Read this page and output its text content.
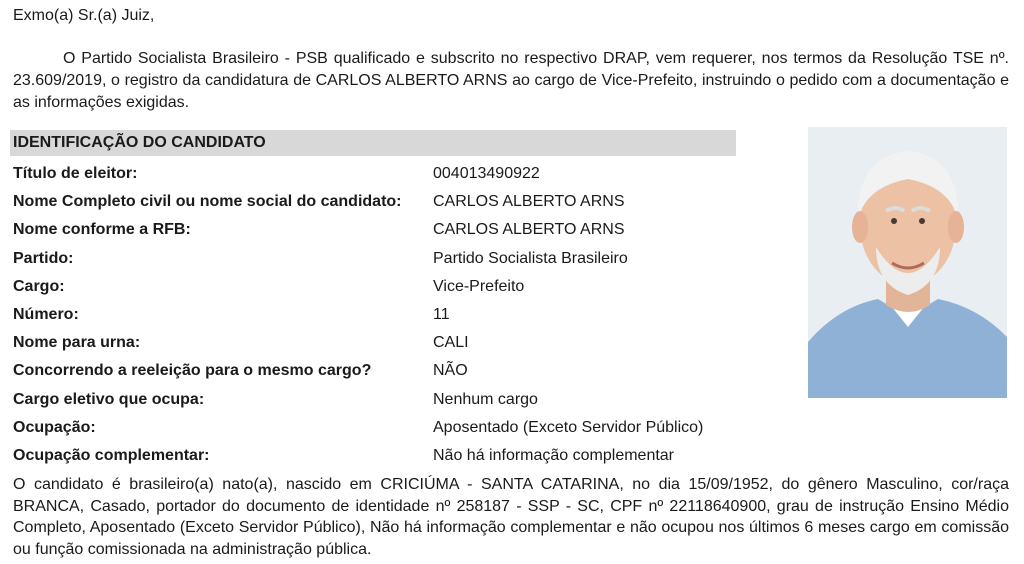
Exmo(a) Sr.(a) Juiz,
O Partido Socialista Brasileiro - PSB qualificado e subscrito no respectivo DRAP, vem requerer, nos termos da Resolução TSE nº. 23.609/2019, o registro da candidatura de CARLOS ALBERTO ARNS ao cargo de Vice-Prefeito, instruindo o pedido com a documentação e as informações exigidas.
IDENTIFICAÇÃO DO CANDIDATO
Título de eleitor:	004013490922
Nome Completo civil ou nome social do candidato:	CARLOS ALBERTO ARNS
Nome conforme a RFB:	CARLOS ALBERTO ARNS
Partido:	Partido Socialista Brasileiro
Cargo:	Vice-Prefeito
Número:	11
Nome para urna:	CALI
Concorrendo a reeleição para o mesmo cargo?	NÃO
Cargo eletivo que ocupa:	Nenhum cargo
Ocupação:	Aposentado (Exceto Servidor Público)
Ocupação complementar:	Não há informação complementar
O candidato é brasileiro(a) nato(a), nascido em CRICIÚMA - SANTA CATARINA, no dia 15/09/1952, do gênero Masculino, cor/raça BRANCA, Casado, portador do documento de identidade nº 258187 - SSP - SC, CPF nº 22118640900, grau de instrução Ensino Médio Completo, Aposentado (Exceto Servidor Público), Não há informação complementar e não ocupou nos últimos 6 meses cargo em comissão ou função comissionada na administração pública.
